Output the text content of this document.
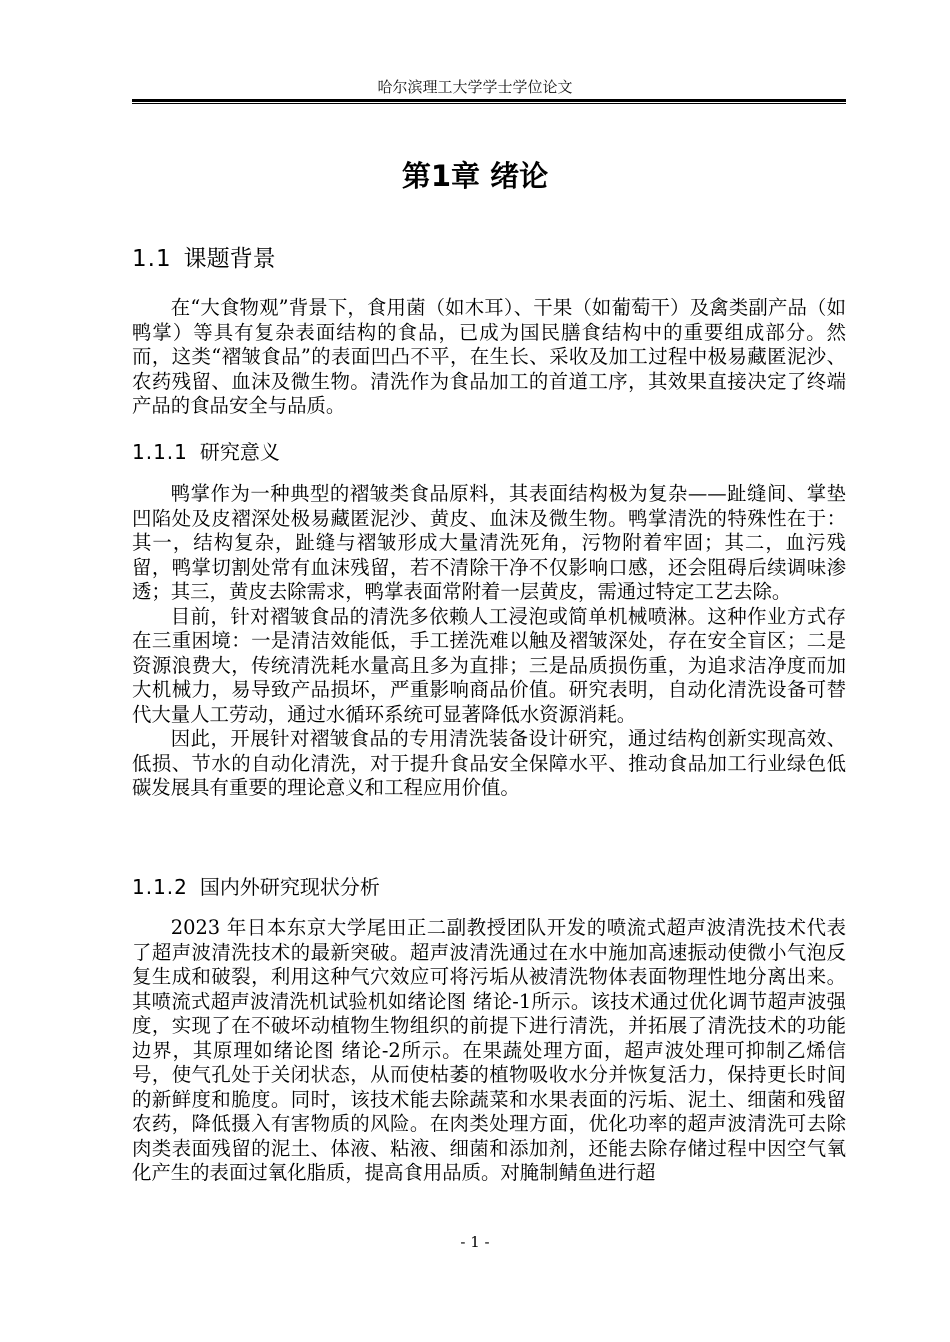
哈尔滨理工大学学士学位论文
第1章 绪论
1.1 课题背景

在“大食物观”背景下，食用菌（如木耳）、干果（如葡萄干）及禽类副产品（如鸭掌）等具有复杂表面结构的食品，已成为国民膳食结构中的重要组成部分。然而，这类“褶皱食品”的表面凹凸不平，在生长、采收及加工过程中极易藏匿泥沙、农药残留、血沫及微生物。清洗作为食品加工的首道工序，其效果直接决定了终端产品的食品安全与品质。

1.1.1 研究意义

鸭掌作为一种典型的褶皱类食品原料，其表面结构极为复杂——趾缝间、掌垫凹陷处及皮褶深处极易藏匿泥沙、黄皮、血沫及微生物。鸭掌清洗的特殊性在于：其一，结构复杂，趾缝与褶皱形成大量清洗死角，污物附着牢固；其二，血污残留，鸭掌切割处常有血沫残留，若不清除干净不仅影响口感，还会阻碍后续调味渗透；其三，黄皮去除需求，鸭掌表面常附着一层黄皮，需通过特定工艺去除。

目前，针对褶皱食品的清洗多依赖人工浸泡或简单机械喷淋。这种作业方式存在三重困境：一是清洁效能低，手工搓洗难以触及褶皱深处，存在安全盲区；二是资源浪费大，传统清洗耗水量高且多为直排；三是品质损伤重，为追求洁净度而加大机械力，易导致产品损坏，严重影响商品价值。研究表明，自动化清洗设备可替代大量人工劳动，通过水循环系统可显著降低水资源消耗。

因此，开展针对褶皱食品的专用清洗装备设计研究，通过结构创新实现高效、低损、节水的自动化清洗，对于提升食品安全保障水平、推动食品加工行业绿色低碳发展具有重要的理论意义和工程应用价值。

1.1.2 国内外研究现状分析

2023 年日本东京大学尾田正二副教授团队开发的喷流式超声波清洗技术代表了超声波清洗技术的最新突破。超声波清洗通过在水中施加高速振动使微小气泡反复生成和破裂，利用这种气穴效应可将污垢从被清洗物体表面物理性地分离出来。其喷流式超声波清洗机试验机如绪论图 绪论-1所示。该技术通过优化调节超声波强度，实现了在不破坏动植物生物组织的前提下进行清洗，并拓展了清洗技术的功能边界，其原理如绪论图 绪论-2所示。在果蔬处理方面，超声波处理可抑制乙烯信号，使气孔处于关闭状态，从而使枯萎的植物吸收水分并恢复活力，保持更长时间的新鲜度和脆度。同时，该技术能去除蔬菜和水果表面的污垢、泥土、细菌和残留农药，降低摄入有害物质的风险。在肉类处理方面，优化功率的超声波清洗可去除肉类表面残留的泥土、体液、粘液、细菌和添加剂，还能去除存储过程中因空气氧化产生的表面过氧化脂质，提高食用品质。对腌制鲭鱼进行超

- 1 -
